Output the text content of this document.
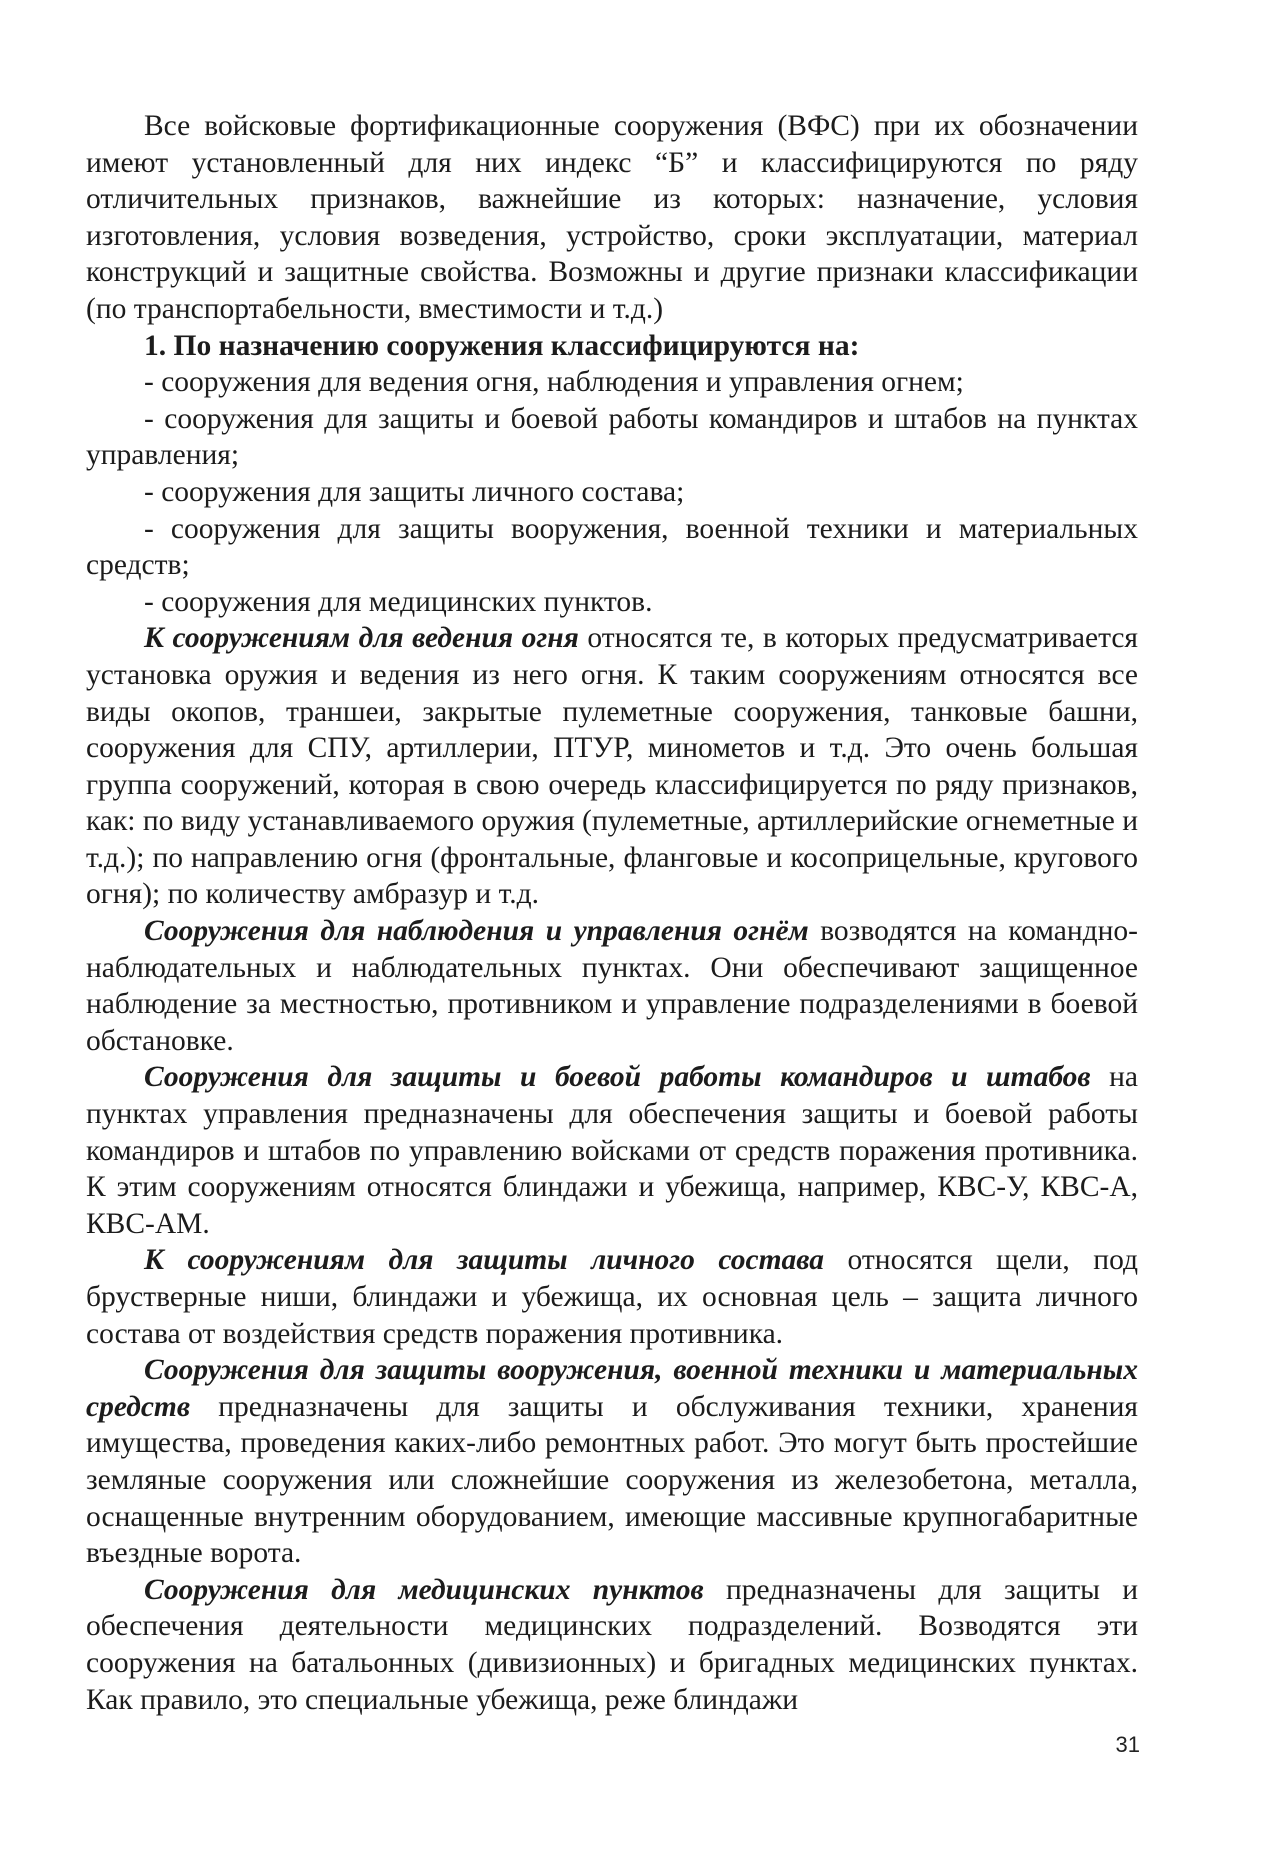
Все войсковые фортификационные сооружения (ВФС) при их обозначении имеют установленный для них индекс “Б” и классифицируются по ряду отличительных признаков, важнейшие из которых: назначение, условия изготовления, условия возведения, устройство, сроки эксплуатации, материал конструкций и защитные свойства. Возможны и другие признаки классификации (по транспортабельности, вместимости и т.д.)

1. По назначению сооружения классифицируются на:

- сооружения для ведения огня, наблюдения и управления огнем;

- сооружения для защиты и боевой работы командиров и штабов на пунктах управления;

- сооружения для защиты личного состава;

- сооружения для защиты вооружения, военной техники и материальных средств;

- сооружения для медицинских пунктов.

К сооружениям для ведения огня относятся те, в которых предусматривается установка оружия и ведения из него огня. К таким сооружениям относятся все виды окопов, траншеи, закрытые пулеметные сооружения, танковые башни, сооружения для СПУ, артиллерии, ПТУР, минометов и т.д. Это очень большая группа сооружений, которая в свою очередь классифицируется по ряду признаков, как: по виду устанавливаемого оружия (пулеметные, артиллерийские огнеметные и т.д.); по направлению огня (фронтальные, фланговые и косоприцельные, кругового огня); по количеству амбразур и т.д.

Сооружения для наблюдения и управления огнём возводятся на командно-наблюдательных и наблюдательных пунктах. Они обеспечивают защищенное наблюдение за местностью, противником и управление подразделениями в боевой обстановке.

Сооружения для защиты и боевой работы командиров и штабов на пунктах управления предназначены для обеспечения защиты и боевой работы командиров и штабов по управлению войсками от средств поражения противника. К этим сооружениям относятся блиндажи и убежища, например, КВС-У, КВС-А, КВС-АМ.

К сооружениям для защиты личного состава относятся щели, под брустверные ниши, блиндажи и убежища, их основная цель – защита личного состава от воздействия средств поражения противника.

Сооружения для защиты вооружения, военной техники и материальных средств предназначены для защиты и обслуживания техники, хранения имущества, проведения каких-либо ремонтных работ. Это могут быть простейшие земляные сооружения или сложнейшие сооружения из железобетона, металла, оснащенные внутренним оборудованием, имеющие массивные крупногабаритные въездные ворота.

Сооружения для медицинских пунктов предназначены для защиты и обеспечения деятельности медицинских подразделений. Возводятся эти сооружения на батальонных (дивизионных) и бригадных медицинских пунктах. Как правило, это специальные убежища, реже блиндажи

31
